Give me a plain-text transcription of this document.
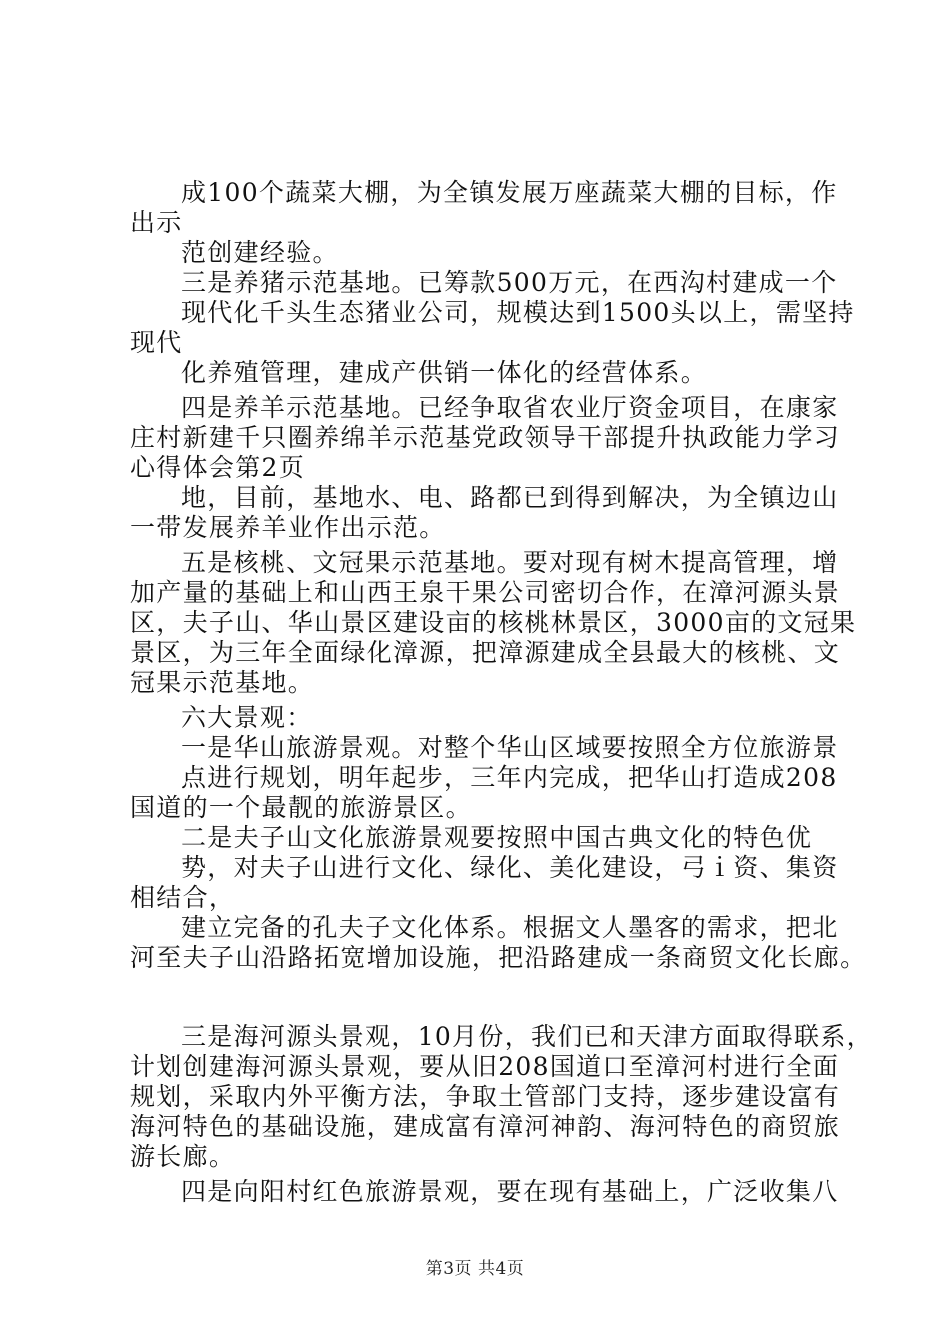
成100个蔬菜大棚，为全镇发展万座蔬菜大棚的目标，作
出示
范创建经验。
三是养猪示范基地。已筹款500万元，在西沟村建成一个
现代化千头生态猪业公司，规模达到1500头以上，需坚持
现代
化养殖管理，建成产供销一体化的经营体系。
四是养羊示范基地。已经争取省农业厅资金项目，在康家
庄村新建千只圈养绵羊示范基党政领导干部提升执政能力学习
心得体会第2页
地，目前，基地水、电、路都已到得到解决，为全镇边山
一带发展养羊业作出示范。
五是核桃、文冠果示范基地。要对现有树木提高管理，增
加产量的基础上和山西王泉干果公司密切合作，在漳河源头景
区，夫子山、华山景区建设亩的核桃林景区，3000亩的文冠果
景区，为三年全面绿化漳源，把漳源建成全县最大的核桃、文
冠果示范基地。
六大景观：
一是华山旅游景观。对整个华山区域要按照全方位旅游景
点进行规划，明年起步，三年内完成，把华山打造成208
国道的一个最靓的旅游景区。
二是夫子山文化旅游景观要按照中国古典文化的特色优
势，对夫子山进行文化、绿化、美化建设，弓ｉ资、集资
相结合，
建立完备的孔夫子文化体系。根据文人墨客的需求，把北
河至夫子山沿路拓宽增加设施，把沿路建成一条商贸文化长廊。
三是海河源头景观，10月份，我们已和天津方面取得联系，
计划创建海河源头景观，要从旧208国道口至漳河村进行全面
规划，采取内外平衡方法，争取土管部门支持，逐步建设富有
海河特色的基础设施，建成富有漳河神韵、海河特色的商贸旅
游长廊。
四是向阳村红色旅游景观，要在现有基础上，广泛收集八
第3页 共4页
